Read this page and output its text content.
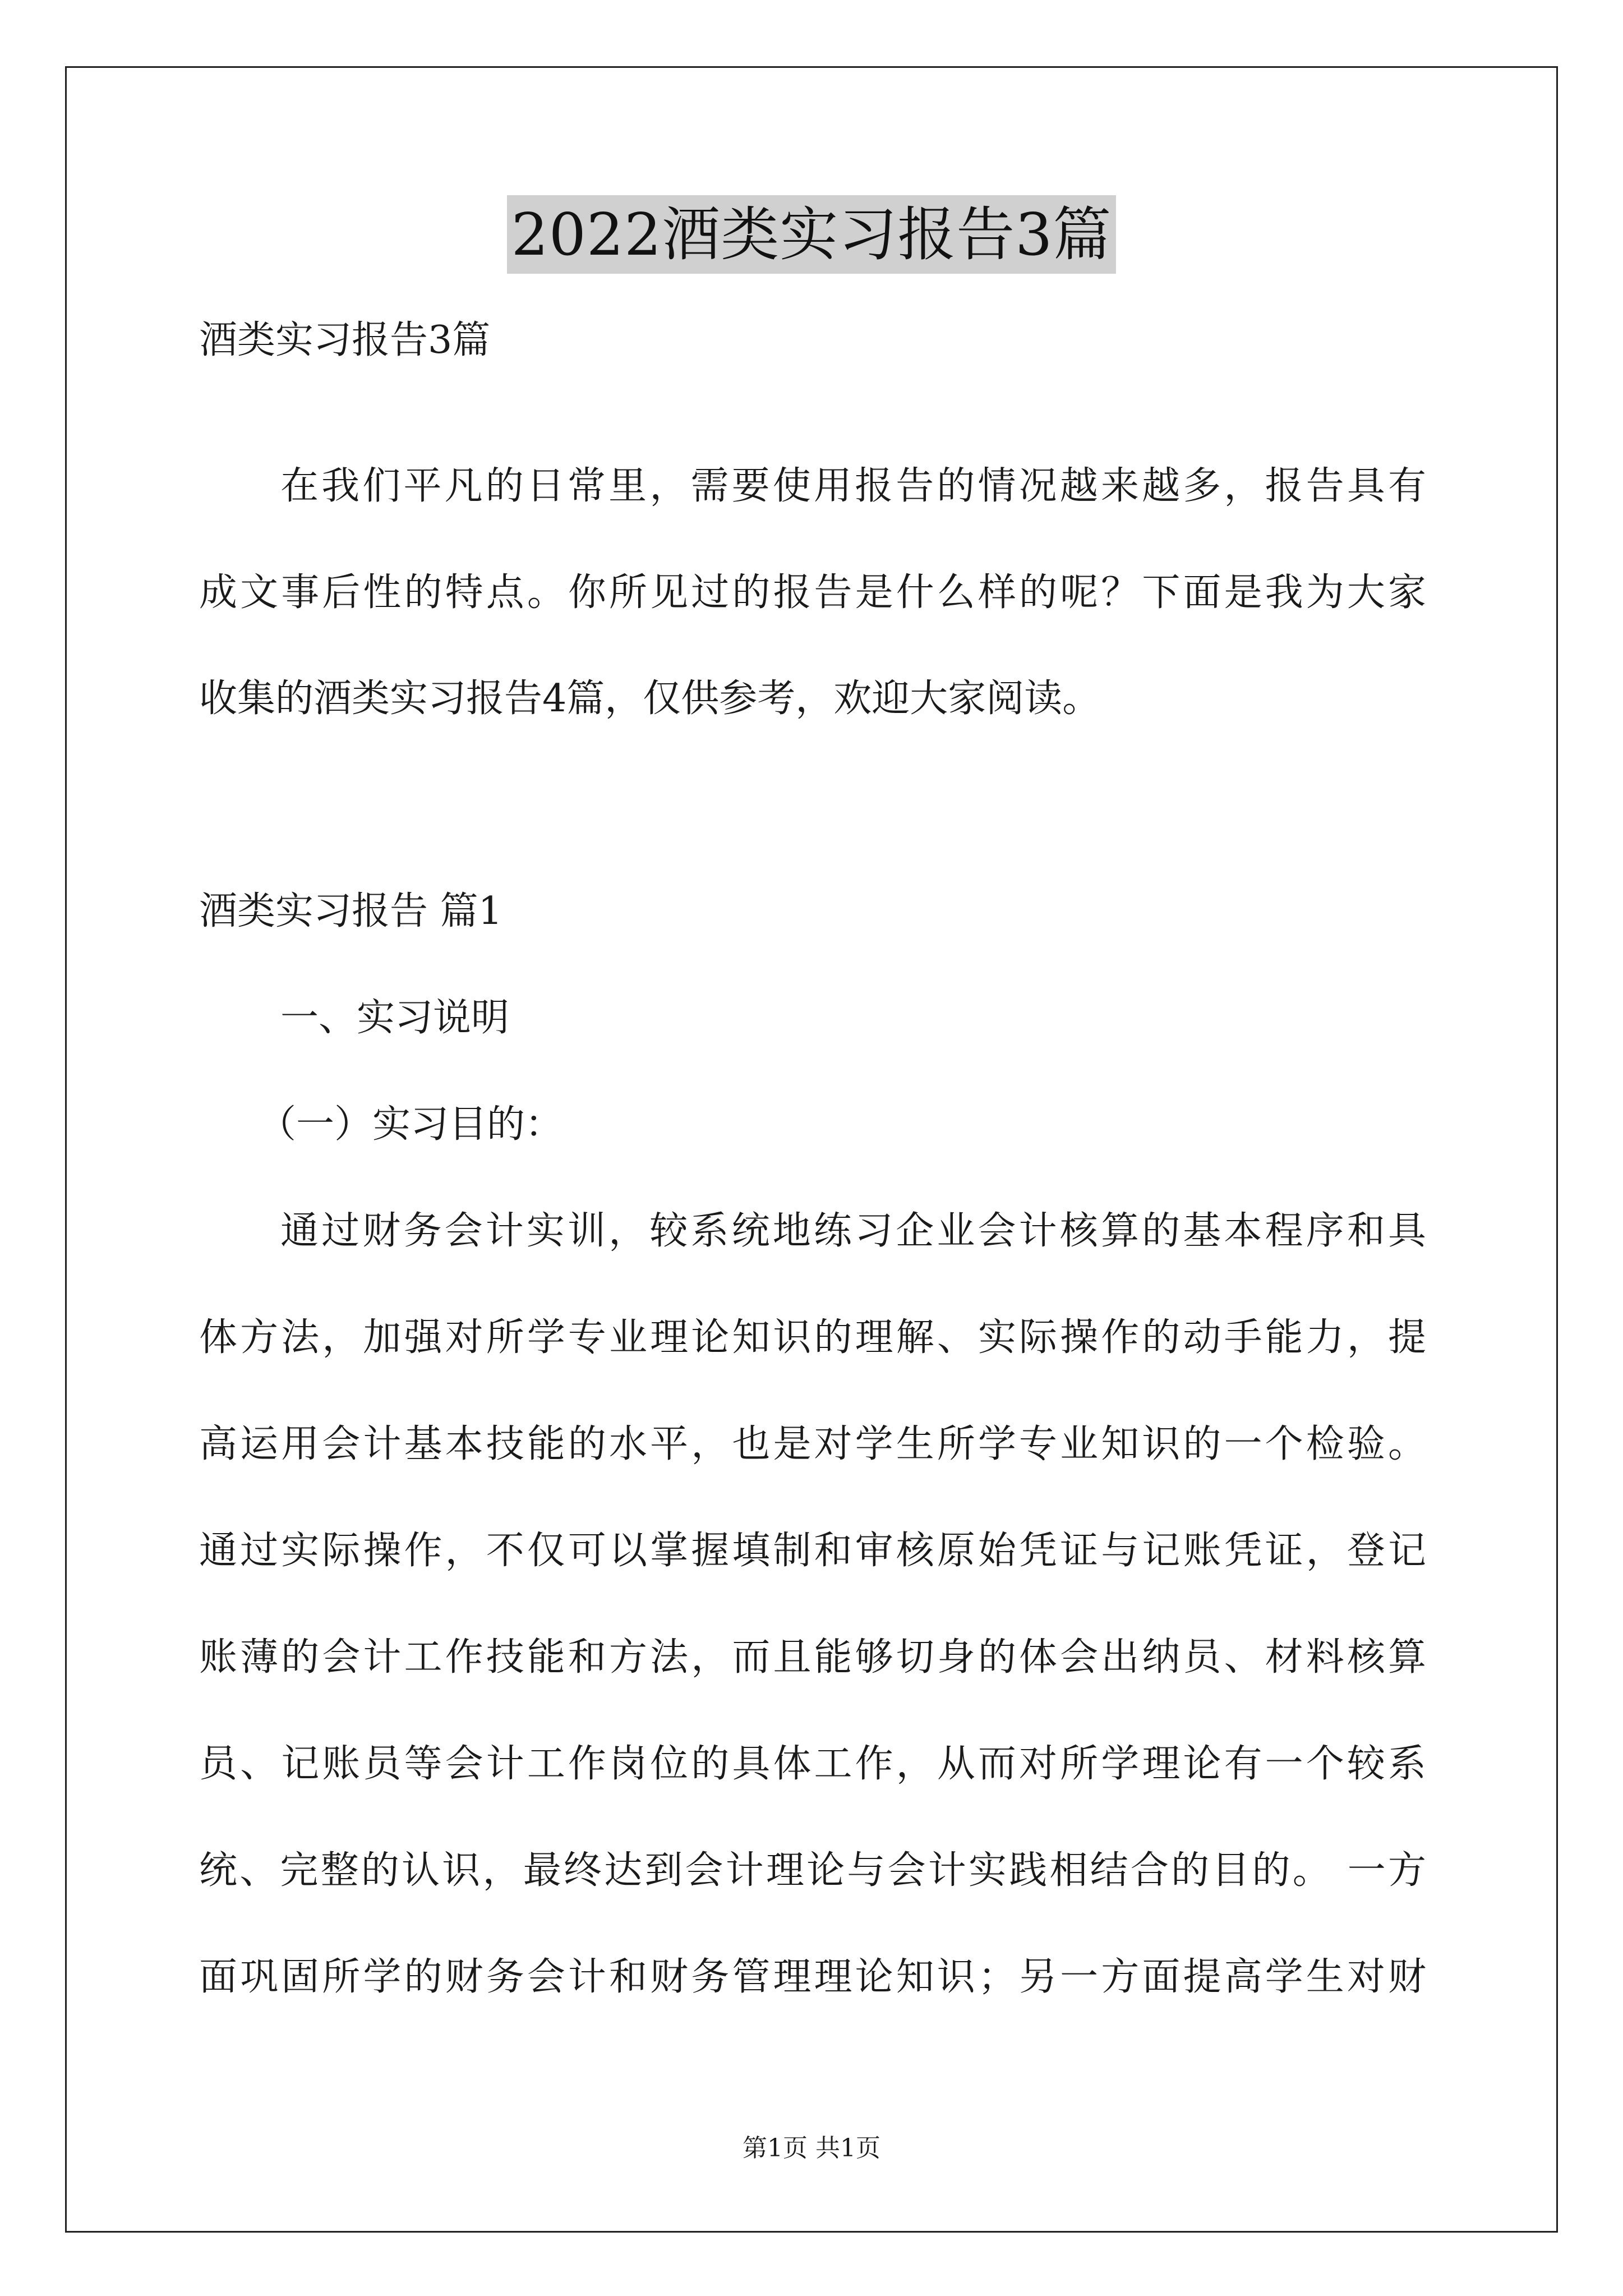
2022酒类实习报告3篇
酒类实习报告3篇
在我们平凡的日常里，需要使用报告的情况越来越多，报告具有
成文事后性的特点。你所见过的报告是什么样的呢？下面是我为大家
收集的酒类实习报告4篇，仅供参考，欢迎大家阅读。
酒类实习报告 篇1
一、实习说明
（一）实习目的：
通过财务会计实训，较系统地练习企业会计核算的基本程序和具
体方法，加强对所学专业理论知识的理解、实际操作的动手能力，提
高运用会计基本技能的水平，也是对学生所学专业知识的一个检验。
通过实际操作，不仅可以掌握填制和审核原始凭证与记账凭证，登记
账薄的会计工作技能和方法，而且能够切身的体会出纳员、材料核算
员、记账员等会计工作岗位的具体工作，从而对所学理论有一个较系
统、完整的认识，最终达到会计理论与会计实践相结合的目的。 一方
面巩固所学的财务会计和财务管理理论知识；另一方面提高学生对财
第1页 共1页
